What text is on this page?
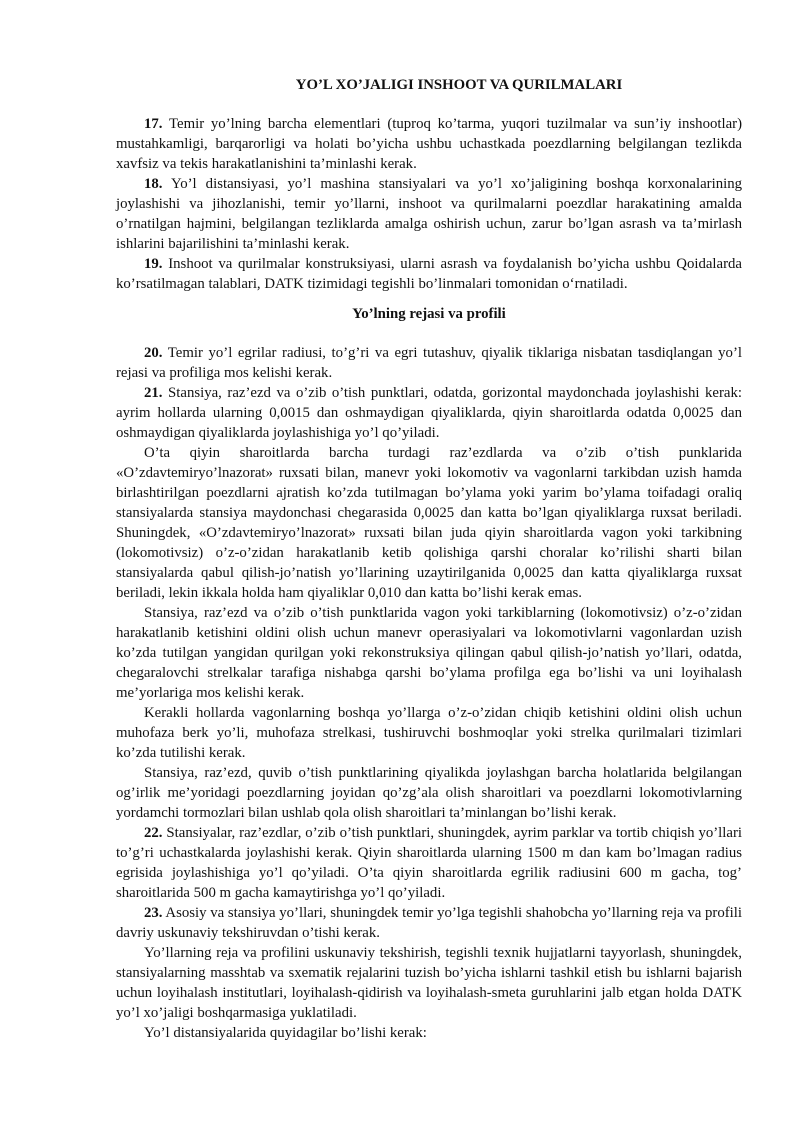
YO’L XO’JALIGI INSHOOT VA QURILMALARI

17. Temir yo’lning barcha elementlari (tuproq ko’tarma, yuqori tuzilmalar va sun’iy inshootlar) mustahkamligi, barqarorligi va holati bo’yicha ushbu uchastkada poezdlarning belgilangan tezlikda xavfsiz va tekis harakatlanishini ta’minlashi kerak.

18. Yo’l distansiyasi, yo’l mashina stansiyalari va yo’l xo’jaligining boshqa korxonalarining joylashishi va jihozlanishi, temir yo’llarni, inshoot va qurilmalarni poezdlar harakatining amalda o’rnatilgan hajmini, belgilangan tezliklarda amalga oshirish uchun, zarur bo’lgan asrash va ta’mirlash ishlarini bajarilishini ta’minlashi kerak.

19. Inshoot va qurilmalar konstruksiyasi, ularni asrash va foydalanish bo’yicha ushbu Qoidalarda ko’rsatilmagan talablari, DATK tizimidagi tegishli bo’linmalari tomonidan o‘rnatiladi.

Yo’lning rejasi va profili

20. Temir yo’l egrilar radiusi, to’g’ri va egri tutashuv, qiyalik tiklariga nisbatan tasdiqlangan yo’l rejasi va profiliga mos kelishi kerak.

21. Stansiya, raz’ezd va o’zib o’tish punktlari, odatda, gorizontal maydonchada joylashishi kerak: ayrim hollarda ularning 0,0015 dan oshmaydigan qiyaliklarda, qiyin sharoitlarda odatda 0,0025 dan oshmaydigan qiyaliklarda joylashishiga yo’l qo’yiladi.

O’ta qiyin sharoitlarda barcha turdagi raz’ezdlarda va o’zib o’tish punklarida «O’zdavtemiryo’lnazorat» ruxsati bilan, manevr yoki lokomotiv va vagonlarni tarkibdan uzish hamda birlashtirilgan poezdlarni ajratish ko’zda tutilmagan bo’ylama yoki yarim bo’ylama toifadagi oraliq stansiyalarda stansiya maydonchasi chegarasida 0,0025 dan katta bo’lgan qiyaliklarga ruxsat beriladi. Shuningdek, «O’zdavtemiryo’lnazorat» ruxsati bilan juda qiyin sharoitlarda vagon yoki tarkibning (lokomotivsiz) o’z-o’zidan harakatlanib ketib qolishiga qarshi choralar ko’rilishi sharti bilan stansiyalarda qabul qilish-jo’natish yo’llarining uzaytirilganida 0,0025 dan katta qiyaliklarga ruxsat beriladi, lekin ikkala holda ham qiyaliklar 0,010 dan katta bo’lishi kerak emas.

Stansiya, raz’ezd va o’zib o’tish punktlarida vagon yoki tarkiblarning (lokomotivsiz) o’z-o’zidan harakatlanib ketishini oldini olish uchun manevr operasiyalari va lokomotivlarni vagonlardan uzish ko’zda tutilgan yangidan qurilgan yoki rekonstruksiya qilingan qabul qilish-jo’natish yo’llari, odatda, chegaralovchi strelkalar tarafiga nishabga qarshi bo’ylama profilga ega bo’lishi va uni loyihalash me’yorlariga mos kelishi kerak.

Kerakli hollarda vagonlarning boshqa yo’llarga o’z-o’zidan chiqib ketishini oldini olish uchun muhofaza berk yo’li, muhofaza strelkasi, tushiruvchi boshmoqlar yoki strelka qurilmalari tizimlari ko’zda tutilishi kerak.

Stansiya, raz’ezd, quvib o’tish punktlarining qiyalikda joylashgan barcha holatlarida belgilangan og’irlik me’yoridagi poezdlarning joyidan qo’zg’ala olish sharoitlari va poezdlarni lokomotivlarning yordamchi tormozlari bilan ushlab qola olish sharoitlari ta’minlangan bo’lishi kerak.

22. Stansiyalar, raz’ezdlar, o’zib o’tish punktlari, shuningdek, ayrim parklar va tortib chiqish yo’llari to’g’ri uchastkalarda joylashishi kerak. Qiyin sharoitlarda ularning 1500 m dan kam bo’lmagan radius egrisida joylashishiga yo’l qo’yiladi. O’ta qiyin sharoitlarda egrilik radiusini 600 m gacha, tog’ sharoitlarida 500 m gacha kamaytirishga yo’l qo’yiladi.

23. Asosiy va stansiya yo’llari, shuningdek temir yo’lga tegishli shahobcha yo’llarning reja va profili davriy uskunaviy tekshiruvdan o’tishi kerak.

Yo’llarning reja va profilini uskunaviy tekshirish, tegishli texnik hujjatlarni tayyorlash, shuningdek, stansiyalarning masshtab va sxematik rejalarini tuzish bo’yicha ishlarni tashkil etish bu ishlarni bajarish uchun loyihalash institutlari, loyihalash-qidirish va loyihalash-smeta guruhlarini jalb etgan holda DATK yo’l xo’jaligi boshqarmasiga yuklatiladi.

Yo’l distansiyalarida quyidagilar bo’lishi kerak:
